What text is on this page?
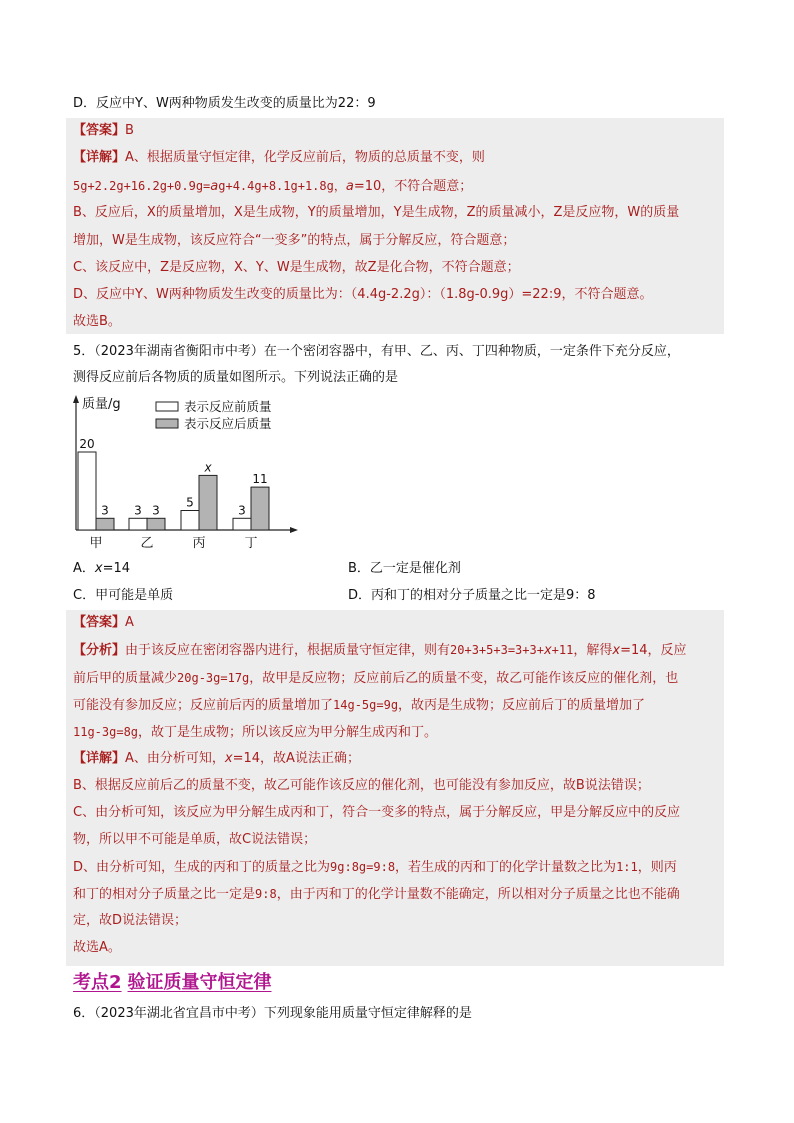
D．反应中Y、W两种物质发生改变的质量比为22：9
【答案】B
【详解】A、根据质量守恒定律，化学反应前后，物质的总质量不变，则
5g+2.2g+16.2g+0.9g=ag+4.4g+8.1g+1.8g，a=10，不符合题意；
B、反应后，X的质量增加，X是生成物，Y的质量增加，Y是生成物，Z的质量减小，Z是反应物，W的质量
增加，W是生成物，该反应符合“一变多”的特点，属于分解反应，符合题意；
C、该反应中，Z是反应物，X、Y、W是生成物，故Z是化合物，不符合题意；
D、反应中Y、W两种物质发生改变的质量比为：（4.4g-2.2g）：（1.8g-0.9g）=22:9，不符合题意。
故选B。
5．（2023年湖南省衡阳市中考）在一个密闭容器中，有甲、乙、丙、丁四种物质，一定条件下充分反应，
测得反应前后各物质的质量如图所示。下列说法正确的是
质量/g	表示反应前质量
表示反应后质量
20
3
甲
3 3
乙
5
x
丙
3
11
丁
A．x=14	B．乙一定是催化剂
C．甲可能是单质	D．丙和丁的相对分子质量之比一定是9：8
【答案】A
【分析】由于该反应在密闭容器内进行，根据质量守恒定律，则有20+3+5+3=3+3+x+11，解得x=14，反应
前后甲的质量减少20g-3g=17g，故甲是反应物；反应前后乙的质量不变，故乙可能作该反应的催化剂，也
可能没有参加反应；反应前后丙的质量增加了14g-5g=9g，故丙是生成物；反应前后丁的质量增加了
11g-3g=8g，故丁是生成物；所以该反应为甲分解生成丙和丁。
【详解】A、由分析可知，x=14，故A说法正确；
B、根据反应前后乙的质量不变，故乙可能作该反应的催化剂，也可能没有参加反应，故B说法错误；
C、由分析可知，该反应为甲分解生成丙和丁，符合一变多的特点，属于分解反应，甲是分解反应中的反应
物，所以甲不可能是单质，故C说法错误；
D、由分析可知，生成的丙和丁的质量之比为9g:8g=9:8，若生成的丙和丁的化学计量数之比为1:1，则丙
和丁的相对分子质量之比一定是9:8，由于丙和丁的化学计量数不能确定，所以相对分子质量之比也不能确
定，故D说法错误；
故选A。
考点2 验证质量守恒定律
6．（2023年湖北省宜昌市中考）下列现象能用质量守恒定律解释的是
